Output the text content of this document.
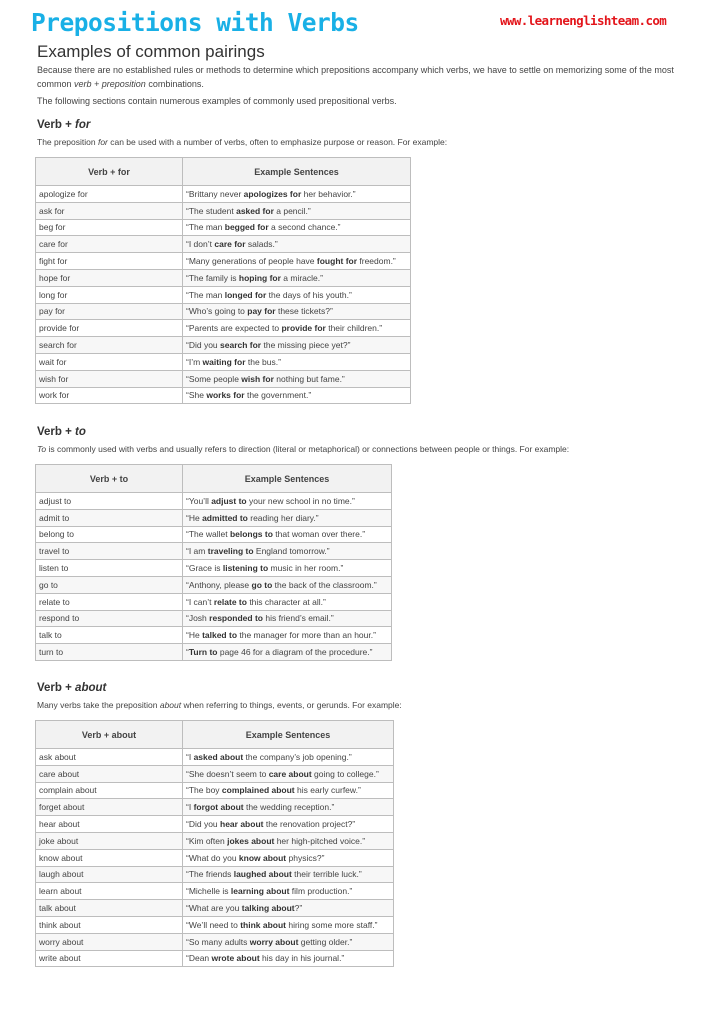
Prepositions with Verbs	www.learnenglishteam.com
Examples of common pairings

Because there are no established rules or methods to determine which prepositions accompany which verbs, we have to settle on memorizing some of the most common verb + preposition combinations.

The following sections contain numerous examples of commonly used prepositional verbs.

Verb + for
The preposition for can be used with a number of verbs, often to emphasize purpose or reason. For example:
Verb + for	Example Sentences
apologize for	“Brittany never apologizes for her behavior.”
ask for	“The student asked for a pencil.”
beg for	“The man begged for a second chance.”
care for	“I don’t care for salads.”
fight for	“Many generations of people have fought for freedom.”
hope for	“The family is hoping for a miracle.”
long for	“The man longed for the days of his youth.”
pay for	“Who’s going to pay for these tickets?”
provide for	“Parents are expected to provide for their children.”
search for	“Did you search for the missing piece yet?”
wait for	“I’m waiting for the bus.”
wish for	“Some people wish for nothing but fame.”
work for	“She works for the government.”
Verb + to
To is commonly used with verbs and usually refers to direction (literal or metaphorical) or connections between people or things. For example:
Verb + to	Example Sentences
adjust to	“You’ll adjust to your new school in no time.”
admit to	“He admitted to reading her diary.”
belong to	“The wallet belongs to that woman over there.”
travel to	“I am traveling to England tomorrow.”
listen to	“Grace is listening to music in her room.”
go to	“Anthony, please go to the back of the classroom.”
relate to	“I can’t relate to this character at all.”
respond to	“Josh responded to his friend’s email.”
talk to	“He talked to the manager for more than an hour.”
turn to	“Turn to page 46 for a diagram of the procedure.”
Verb + about
Many verbs take the preposition about when referring to things, events, or gerunds. For example:
Verb + about	Example Sentences
ask about	“I asked about the company’s job opening.”
care about	“She doesn’t seem to care about going to college.”
complain about	“The boy complained about his early curfew.”
forget about	“I forgot about the wedding reception.”
hear about	“Did you hear about the renovation project?”
joke about	“Kim often jokes about her high-pitched voice.”
know about	“What do you know about physics?”
laugh about	“The friends laughed about their terrible luck.”
learn about	“Michelle is learning about film production.”
talk about	“What are you talking about?”
think about	“We’ll need to think about hiring some more staff.”
worry about	“So many adults worry about getting older.”
write about	“Dean wrote about his day in his journal.”
